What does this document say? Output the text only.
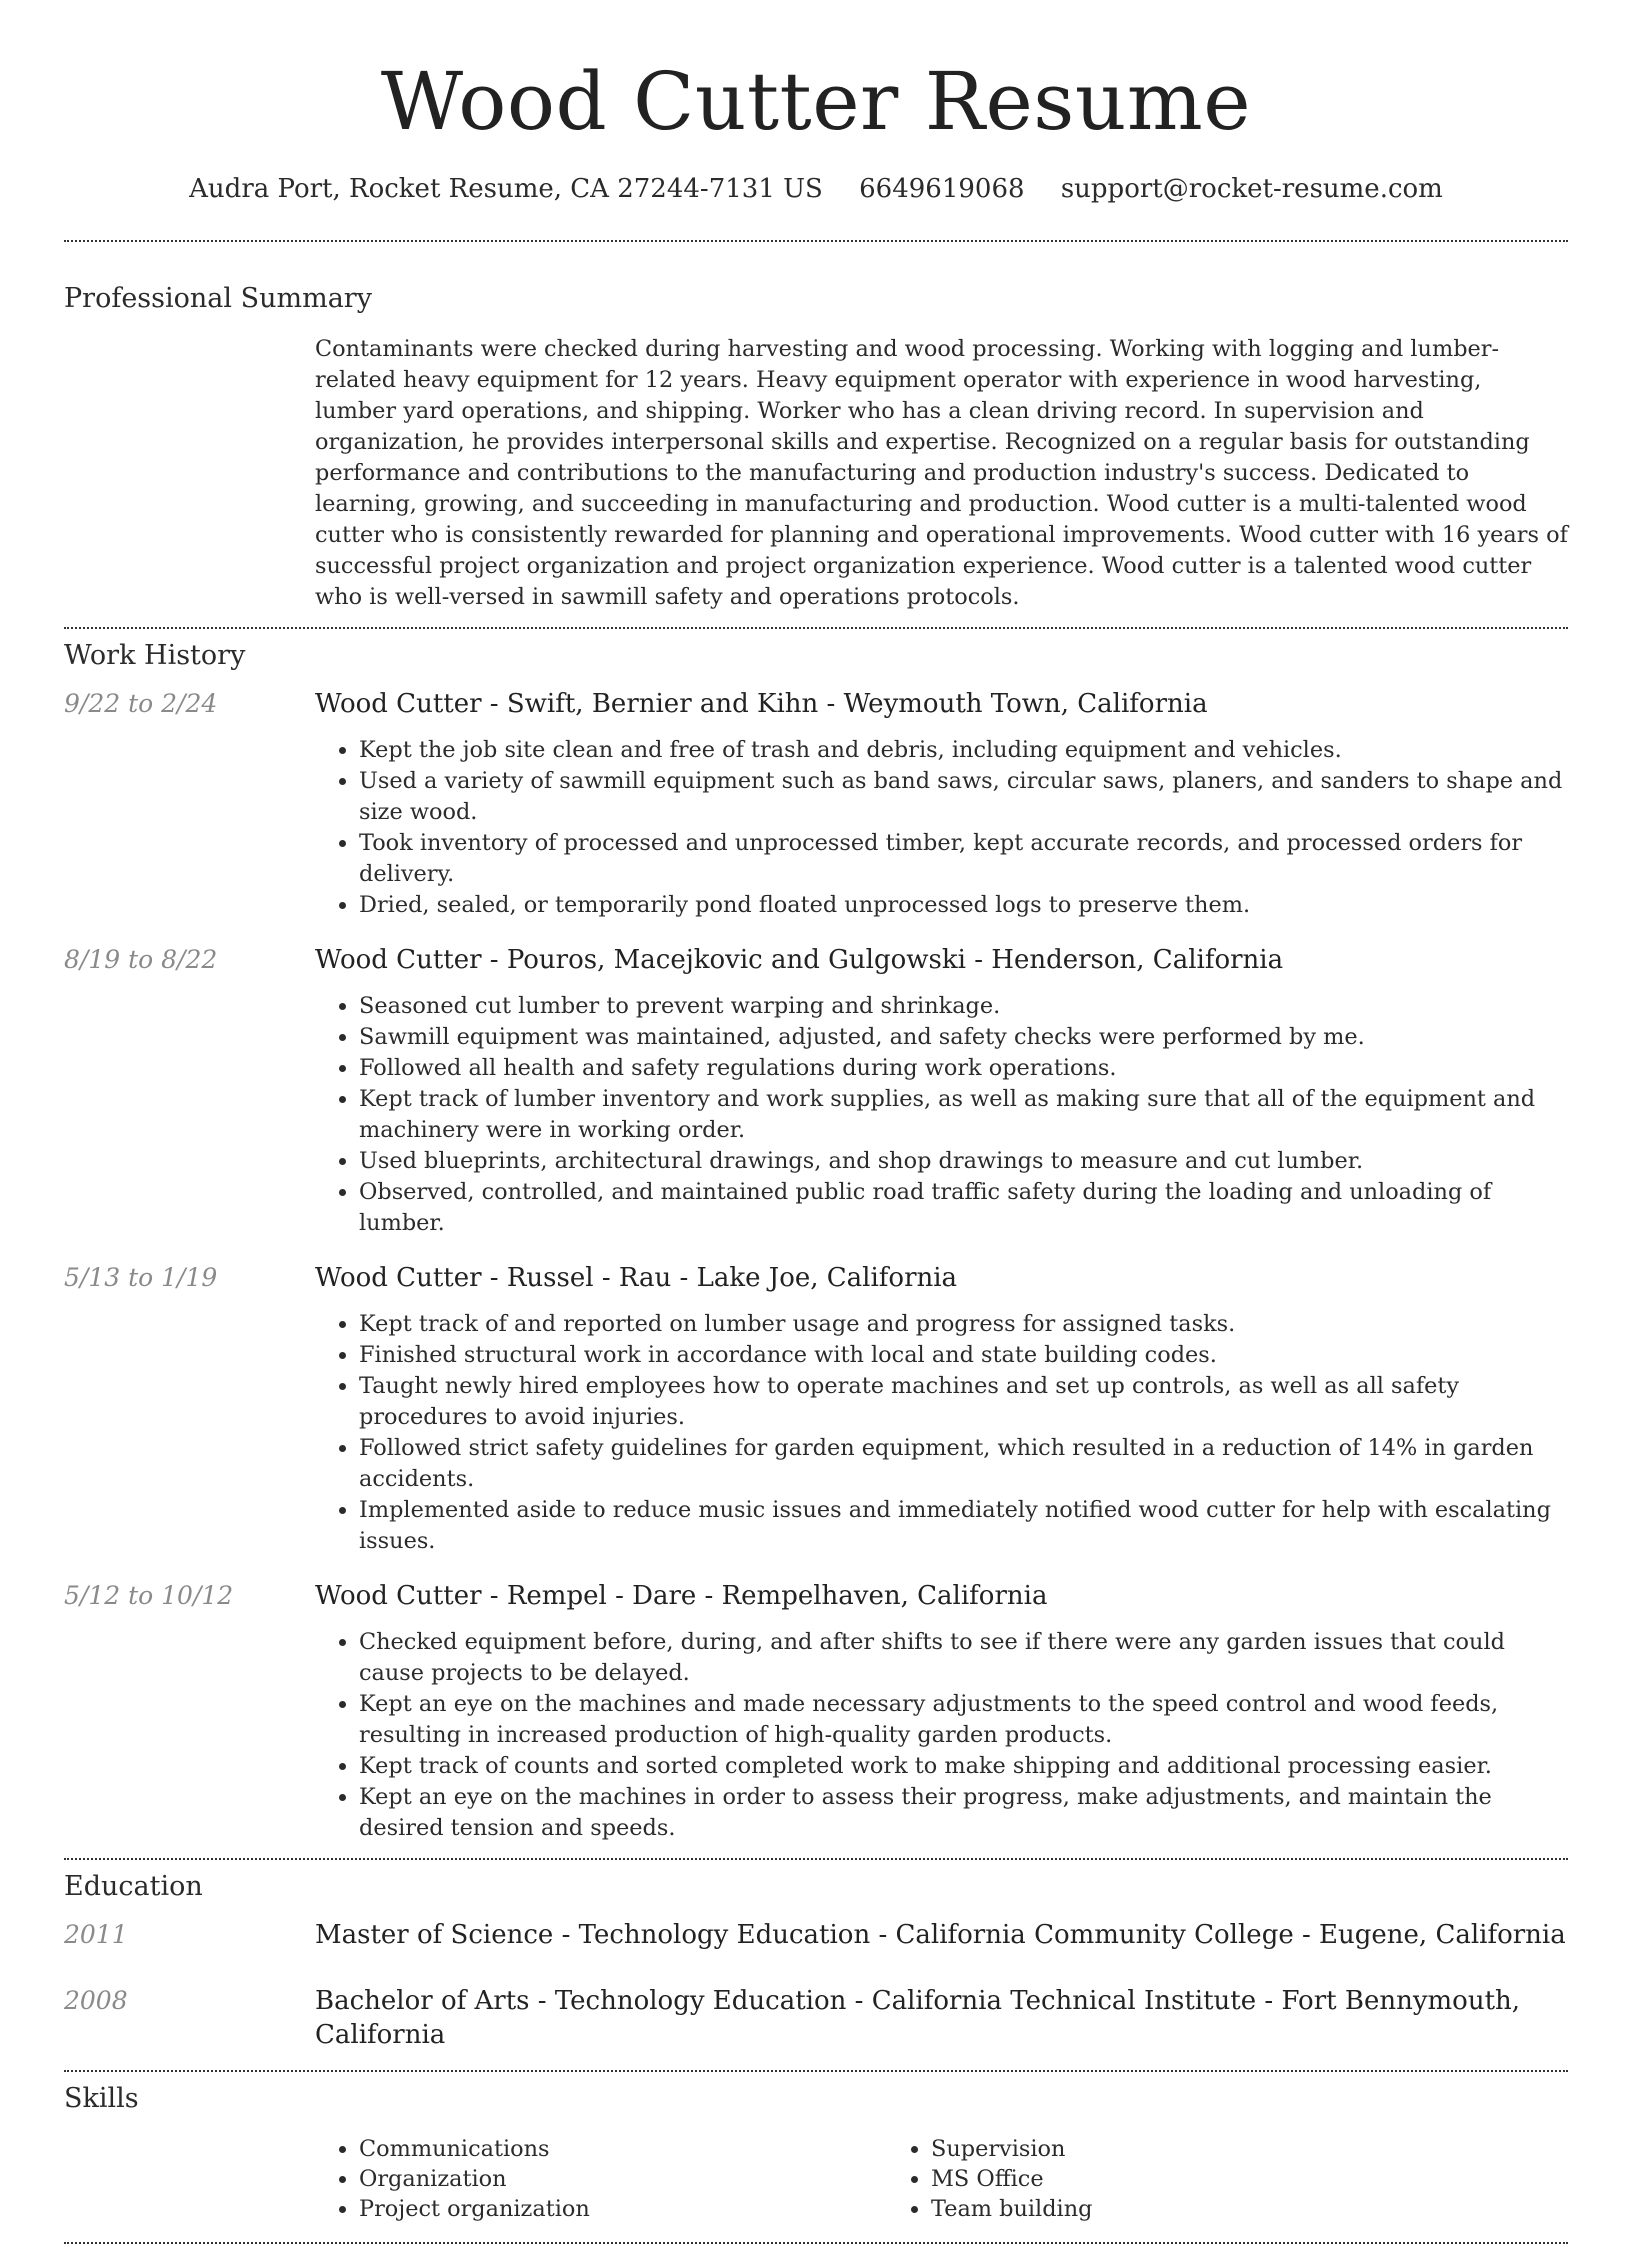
Wood Cutter Resume
Audra Port, Rocket Resume, CA 27244-7131 US 6649619068 support@rocket-resume.com
Professional Summary
Contaminants were checked during harvesting and wood processing. Working with logging and lumber-related heavy equipment for 12 years. Heavy equipment operator with experience in wood harvesting, lumber yard operations, and shipping. Worker who has a clean driving record. In supervision and organization, he provides interpersonal skills and expertise. Recognized on a regular basis for outstanding performance and contributions to the manufacturing and production industry's success. Dedicated to learning, growing, and succeeding in manufacturing and production. Wood cutter is a multi-talented wood cutter who is consistently rewarded for planning and operational improvements. Wood cutter with 16 years of successful project organization and project organization experience. Wood cutter is a talented wood cutter who is well-versed in sawmill safety and operations protocols.
Work History
9/22 to 2/24	Wood Cutter - Swift, Bernier and Kihn - Weymouth Town, California
• Kept the job site clean and free of trash and debris, including equipment and vehicles.
• Used a variety of sawmill equipment such as band saws, circular saws, planers, and sanders to shape and size wood.
• Took inventory of processed and unprocessed timber, kept accurate records, and processed orders for delivery.
• Dried, sealed, or temporarily pond floated unprocessed logs to preserve them.
8/19 to 8/22	Wood Cutter - Pouros, Macejkovic and Gulgowski - Henderson, California
• Seasoned cut lumber to prevent warping and shrinkage.
• Sawmill equipment was maintained, adjusted, and safety checks were performed by me.
• Followed all health and safety regulations during work operations.
• Kept track of lumber inventory and work supplies, as well as making sure that all of the equipment and machinery were in working order.
• Used blueprints, architectural drawings, and shop drawings to measure and cut lumber.
• Observed, controlled, and maintained public road traffic safety during the loading and unloading of lumber.
5/13 to 1/19	Wood Cutter - Russel - Rau - Lake Joe, California
• Kept track of and reported on lumber usage and progress for assigned tasks.
• Finished structural work in accordance with local and state building codes.
• Taught newly hired employees how to operate machines and set up controls, as well as all safety procedures to avoid injuries.
• Followed strict safety guidelines for garden equipment, which resulted in a reduction of 14% in garden accidents.
• Implemented aside to reduce music issues and immediately notified wood cutter for help with escalating issues.
5/12 to 10/12	Wood Cutter - Rempel - Dare - Rempelhaven, California
• Checked equipment before, during, and after shifts to see if there were any garden issues that could cause projects to be delayed.
• Kept an eye on the machines and made necessary adjustments to the speed control and wood feeds, resulting in increased production of high-quality garden products.
• Kept track of counts and sorted completed work to make shipping and additional processing easier.
• Kept an eye on the machines in order to assess their progress, make adjustments, and maintain the desired tension and speeds.
Education
2011	Master of Science - Technology Education - California Community College - Eugene, California
2008	Bachelor of Arts - Technology Education - California Technical Institute - Fort Bennymouth, California
Skills
• Communications
• Organization
• Project organization
• Supervision
• MS Office
• Team building
